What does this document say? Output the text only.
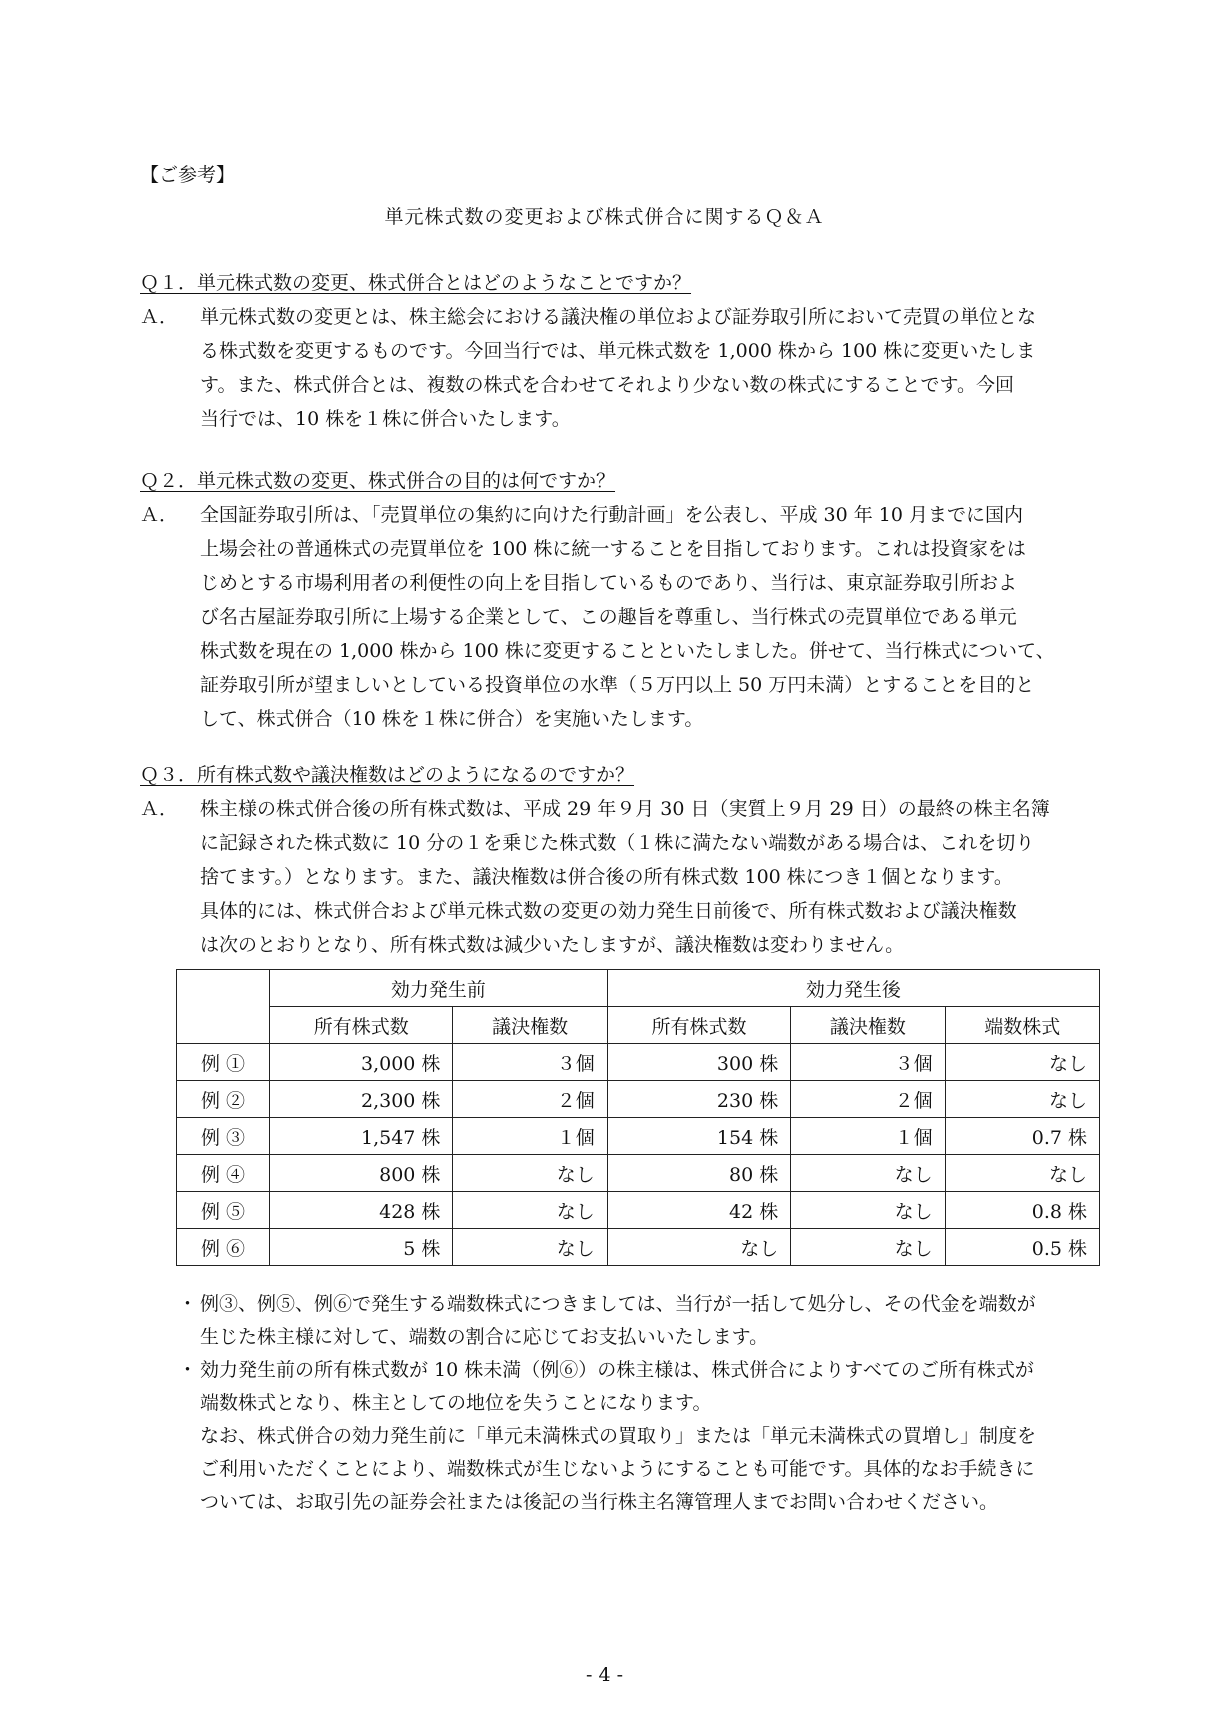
【ご参考】
単元株式数の変更および株式併合に関するＱ＆Ａ
Ｑ１．単元株式数の変更、株式併合とはどのようなことですか？
Ａ． 単元株式数の変更とは、株主総会における議決権の単位および証券取引所において売買の単位とな

る株式数を変更するものです。今回当行では、単元株式数を 1,000 株から 100 株に変更いたしま

す。また、株式併合とは、複数の株式を合わせてそれより少ない数の株式にすることです。今回

当行では、10 株を１株に併合いたします。

Ｑ２．単元株式数の変更、株式併合の目的は何ですか？
Ａ． 全国証券取引所は、「売買単位の集約に向けた行動計画」を公表し、平成 30 年 10 月までに国内

上場会社の普通株式の売買単位を 100 株に統一することを目指しております。これは投資家をは

じめとする市場利用者の利便性の向上を目指しているものであり、当行は、東京証券取引所およ

び名古屋証券取引所に上場する企業として、この趣旨を尊重し、当行株式の売買単位である単元

株式数を現在の 1,000 株から 100 株に変更することといたしました。併せて、当行株式について、

証券取引所が望ましいとしている投資単位の水準（５万円以上 50 万円未満）とすることを目的と

して、株式併合（10 株を１株に併合）を実施いたします。

Ｑ３．所有株式数や議決権数はどのようになるのですか？
Ａ． 株主様の株式併合後の所有株式数は、平成 29 年９月 30 日（実質上９月 29 日）の最終の株主名簿

に記録された株式数に 10 分の１を乗じた株式数（１株に満たない端数がある場合は、これを切り

捨てます。）となります。また、議決権数は併合後の所有株式数 100 株につき１個となります。

具体的には、株式併合および単元株式数の変更の効力発生日前後で、所有株式数および議決権数

は次のとおりとなり、所有株式数は減少いたしますが、議決権数は変わりません。

	効力発生前		効力発生後		
	所有株式数	議決権数	所有株式数	議決権数	端数株式
例 ①	3,000 株	３個	300 株	３個	なし
例 ②	2,300 株	２個	230 株	２個	なし
例 ③	1,547 株	１個	154 株	１個	0.7 株
例 ④	800 株	なし	80 株	なし	なし
例 ⑤	428 株	なし	42 株	なし	0.8 株
例 ⑥	5 株	なし	なし	なし	0.5 株
・ 例③、例⑤、例⑥で発生する端数株式につきましては、当行が一括して処分し、その代金を端数が

生じた株主様に対して、端数の割合に応じてお支払いいたします。

・ 効力発生前の所有株式数が 10 株未満（例⑥）の株主様は、株式併合によりすべてのご所有株式が

端数株式となり、株主としての地位を失うことになります。

なお、株式併合の効力発生前に「単元未満株式の買取り」または「単元未満株式の買増し」制度を

ご利用いただくことにより、端数株式が生じないようにすることも可能です。具体的なお手続きに

ついては、お取引先の証券会社または後記の当行株主名簿管理人までお問い合わせください。

- 4 -
